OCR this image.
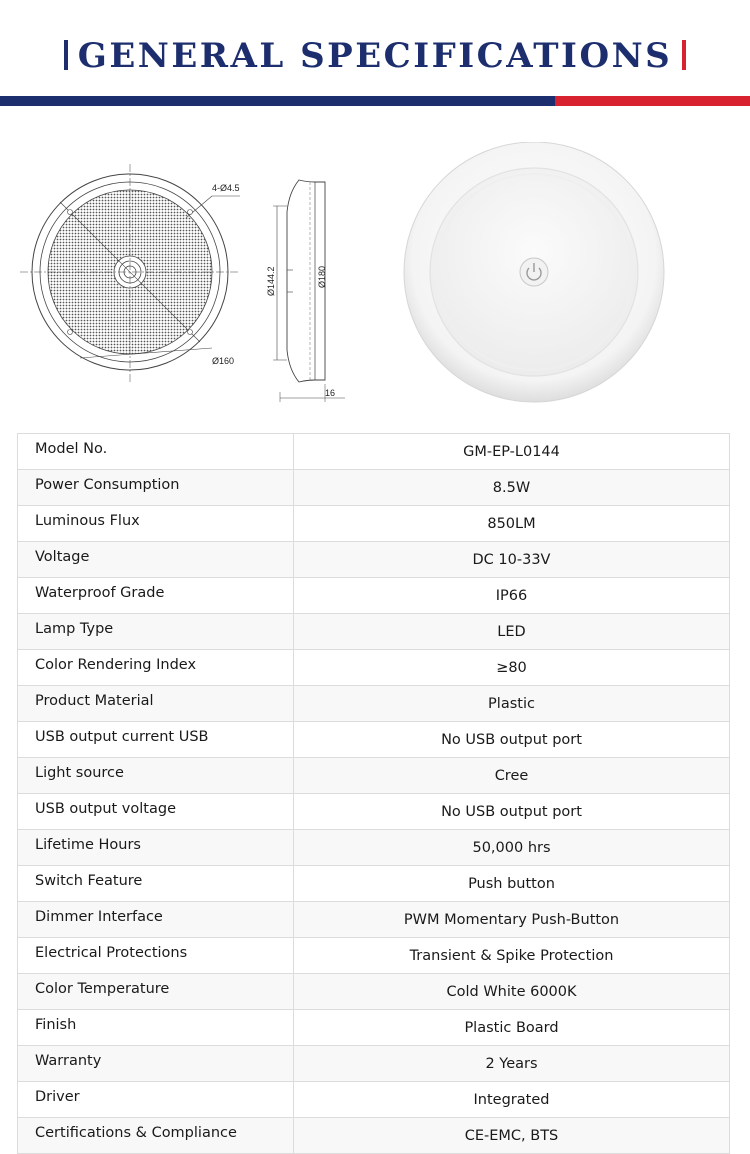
GENERAL SPECIFICATIONS
4-Ø4.5
Ø160
Ø144.2	Ø180
16
Model No.	GM-EP-L0144
Power Consumption	8.5W
Luminous Flux	850LM
Voltage	DC 10-33V
Waterproof Grade	IP66
Lamp Type	LED
Color Rendering Index	≥80
Product Material	Plastic
USB output current USB	No USB output port
Light source	Cree
USB output voltage	No USB output port
Lifetime Hours	50,000 hrs
Switch Feature	Push button
Dimmer Interface	PWM Momentary Push-Button
Electrical Protections	Transient & Spike Protection
Color Temperature	Cold White 6000K
Finish	Plastic Board
Warranty	2 Years
Driver	Integrated
Certifications & Compliance	CE-EMC, BTS
